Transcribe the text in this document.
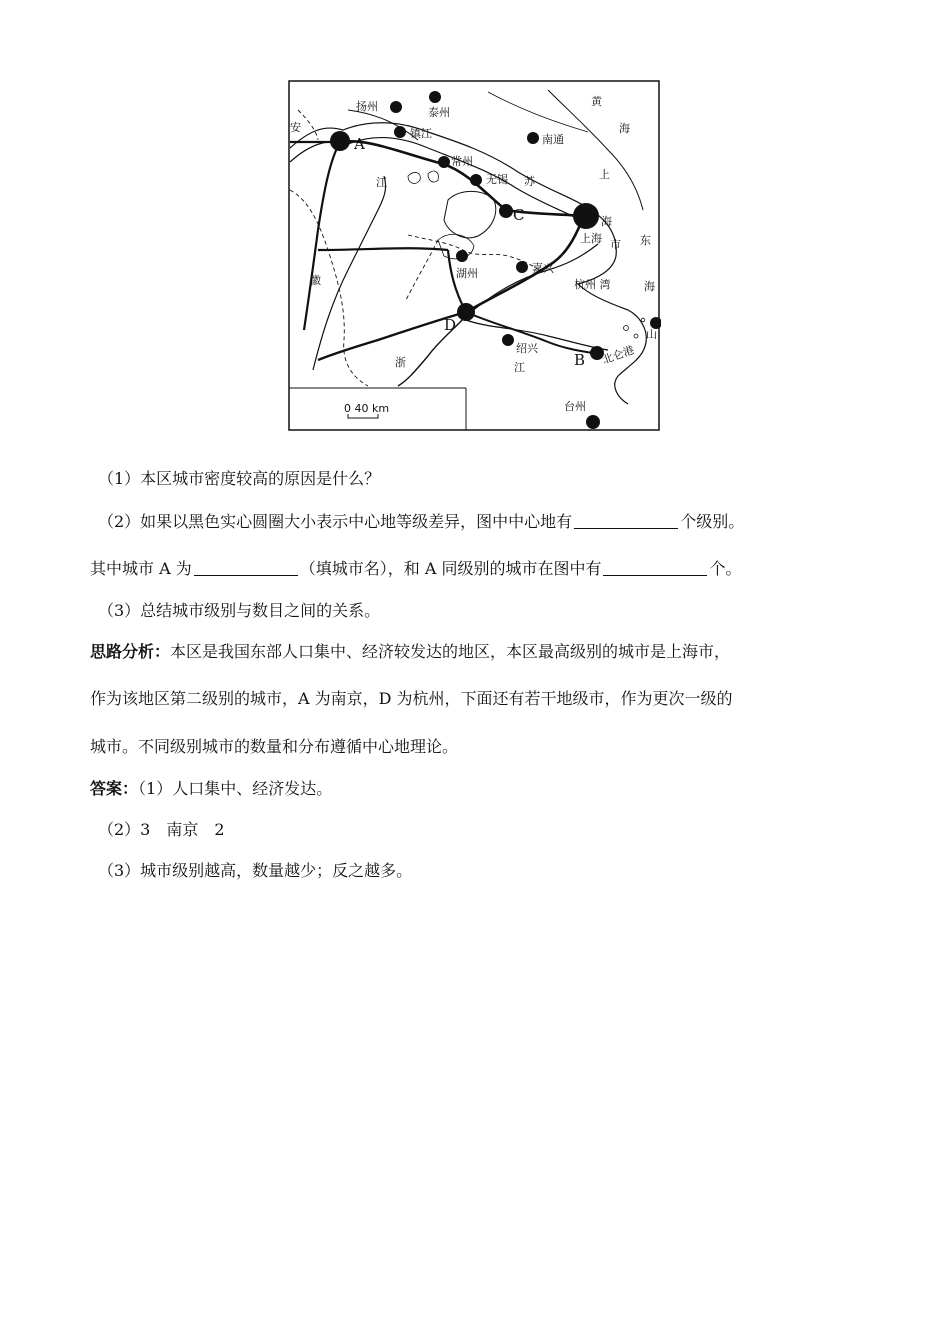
扬州	泰州
安	镇江
A	南通
黄
海
常州
江	无锡 苏
上
C	海
上海 市 东
徽
湖州	嘉兴
杭州 湾	海
D
山
绍兴
江
浙	B 北仑港
0 40 km	台州
（1）本区城市密度较高的原因是什么？
（2）如果以黑色实心圆圈大小表示中心地等级差异，图中中心地有	个级别。
其中城市 A 为	（填城市名），和 A 同级别的城市在图中有	个。
（3）总结城市级别与数目之间的关系。
思路分析：本区是我国东部人口集中、经济较发达的地区，本区最高级别的城市是上海市，
作为该地区第二级别的城市，A 为南京，D 为杭州，下面还有若干地级市，作为更次一级的
城市。不同级别城市的数量和分布遵循中心地理论。
答案：（1）人口集中、经济发达。
（2）3　南京　2
（3）城市级别越高，数量越少；反之越多。
